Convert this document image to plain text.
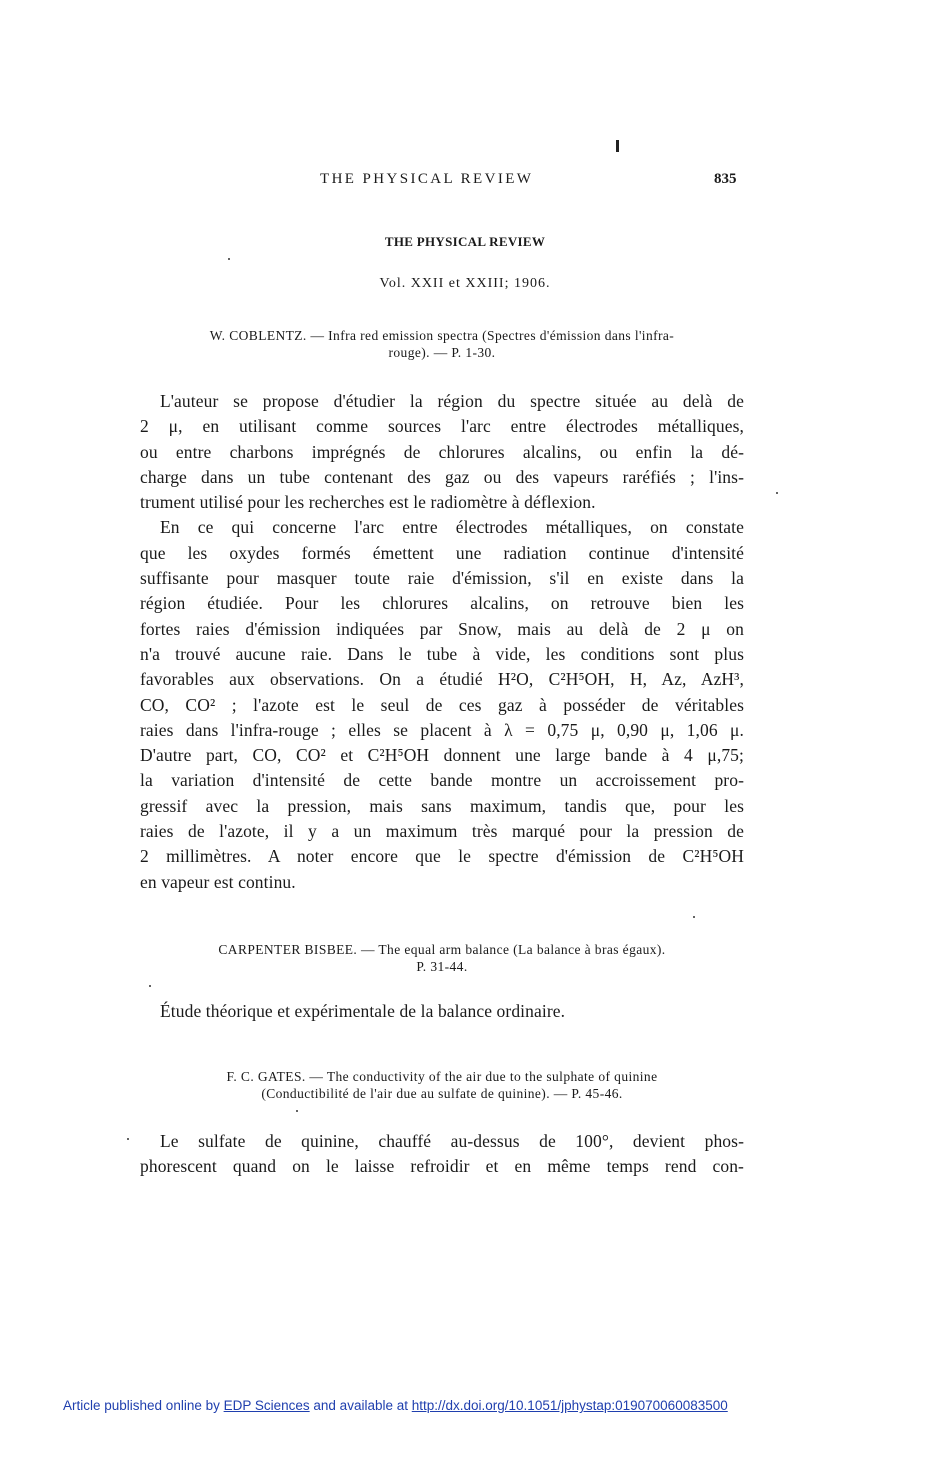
THE PHYSICAL REVIEW	835
THE PHYSICAL REVIEW
Vol. XXII et XXIII; 1906.
W. COBLENTZ. — Infra red emission spectra (Spectres d'émission dans l'infra-
rouge). — P. 1-30.
L'auteur se propose d'étudier la région du spectre située au delà de
2 μ, en utilisant comme sources l'arc entre électrodes métalliques,
ou entre charbons imprégnés de chlorures alcalins, ou enfin la dé-
charge dans un tube contenant des gaz ou des vapeurs raréfiés ; l'ins-
trument utilisé pour les recherches est le radiomètre à déflexion.
En ce qui concerne l'arc entre électrodes métalliques, on constate
que les oxydes formés émettent une radiation continue d'intensité
suffisante pour masquer toute raie d'émission, s'il en existe dans la
région étudiée. Pour les chlorures alcalins, on retrouve bien les
fortes raies d'émission indiquées par Snow, mais au delà de 2 μ on
n'a trouvé aucune raie. Dans le tube à vide, les conditions sont plus
favorables aux observations. On a étudié H²O, C²H⁵OH, H, Az, AzH³,
CO, CO² ; l'azote est le seul de ces gaz à posséder de véritables
raies dans l'infra-rouge ; elles se placent à λ = 0,75 μ, 0,90 μ, 1,06 μ.
D'autre part, CO, CO² et C²H⁵OH donnent une large bande à 4 μ,75;
la variation d'intensité de cette bande montre un accroissement pro-
gressif avec la pression, mais sans maximum, tandis que, pour les
raies de l'azote, il y a un maximum très marqué pour la pression de
2 millimètres. A noter encore que le spectre d'émission de C²H⁵OH
en vapeur est continu.
CARPENTER BISBEE. — The equal arm balance (La balance à bras égaux).
P. 31-44.
Étude théorique et expérimentale de la balance ordinaire.
F. C. GATES. — The conductivity of the air due to the sulphate of quinine
(Conductibilité de l'air due au sulfate de quinine). — P. 45-46.
Le sulfate de quinine, chauffé au-dessus de 100°, devient phos-
phorescent quand on le laisse refroidir et en même temps rend con-
Article published online by EDP Sciences and available at http://dx.doi.org/10.1051/jphystap:019070060083500
